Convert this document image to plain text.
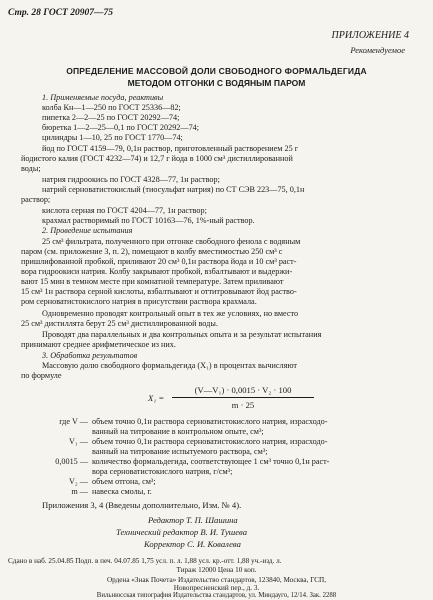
Стр. 28 ГОСТ 20907—75
ПРИЛОЖЕНИЕ 4
Рекомендуемое
ОПРЕДЕЛЕНИЕ МАССОВОЙ ДОЛИ СВОБОДНОГО ФОРМАЛЬДЕГИДА
МЕТОДОМ ОТГОНКИ С ВОДЯНЫМ ПАРОМ
1. Применяемые посуда, реактивы
колба Кн—1—250 по ГОСТ 25336—82;
пипетка 2—2—25 по ГОСТ 20292—74;
бюретка 1—2—25—0,1 по ГОСТ 20292—74;
цилиндры 1—10, 25 по ГОСТ 1770—74;
йод по ГОСТ 4159—79, 0,1н раствор, приготовленный растворением 25 г
йодистого калия (ГОСТ 4232—74) и 12,7 г йода в 1000 см³ дистиллированной
воды;
натрия гидроокись по ГОСТ 4328—77, 1н раствор;
натрий серноватистокислый (тиосульфат натрия) по СТ СЭВ 223—75, 0,1н
раствор;
кислота серная по ГОСТ 4204—77, 1н раствор;
крахмал растворимый по ГОСТ 10163—76, 1%-ный раствор.
2. Проведение испытания
25 см³ фильтрата, полученного при отгонке свободного фенола с водяным
паром (см. приложение 3, п. 2), помещают в колбу вместимостью 250 см³ с
пришлифованной пробкой, приливают 20 см³ 0,1н раствора йода и 10 см³ раст-
вора гидроокиси натрия. Колбу закрывают пробкой, взбалтывают и выдержи-
вают 15 мин в темном месте при комнатной температуре. Затем приливают
15 см³ 1н раствора серной кислоты, взбалтывают и оттитровывают йод раство-
ром серноватистокислого натрия в присутствии раствора крахмала.
Одновременно проводят контрольный опыт в тех же условиях, но вместо
25 см³ дистиллята берут 25 см³ дистиллированной воды.
Проводят два параллельных и два контрольных опыта и за результат испытания
принимают среднее арифметическое из них.
3. Обработка результатов
Массовую долю свободного формальдегида (X₁) в процентах вычисляют
по формуле
X₁ =
(V—V₁) · 0,0015 · V₂ · 100
m · 25
где V — объем точно 0,1н раствора серноватистокислого натрия, израсходо-
ванный на титрование в контрольном опыте, см³;
V₁ — объем точно 0,1н раствора серноватистокислого натрия, израсходо-
ванный на титрование испытуемого раствора, см³;
0,0015 — количество формальдегида, соответствующее 1 см³ точно 0,1н раст-
вора серноватистокислого натрия, г/см³;
V₂ — объем отгона, см³;
m — навеска смолы, г.
Приложения 3, 4 (Введены дополнительно, Изм. № 4).
Редактор Т. П. Шашина
Технический редактор В. И. Тушева
Корректор С. И. Ковалева
Сдано в наб. 25.04.85 Подп. в печ. 04.07.85 1,75 усл. п. л. 1,88 усл. кр.-отт. 1,88 уч.-изд. л.
Тираж 12000 Цена 10 коп.
Ордена «Знак Почета» Издательство стандартов, 123840, Москва, ГСП,
Новопресненский пер., д. 3.
Вильнюсская типография Издательства стандартов, ул. Миндауго, 12/14. Зак. 2288
